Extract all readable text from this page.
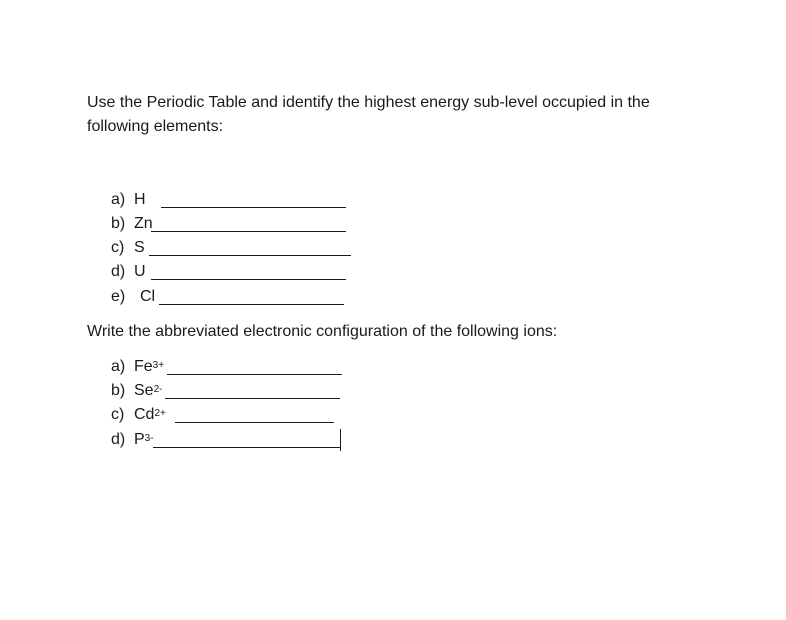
Use the Periodic Table and identify the highest energy sub-level occupied in the
following elements:

a) H
b) Zn
c) S
d) U
e) Cl

Write the abbreviated electronic configuration of the following ions:

a) $Fe^{3+}$
b) $Se^{2-}$
c) $Cd^{2+}$
d) $P^{3-}$
